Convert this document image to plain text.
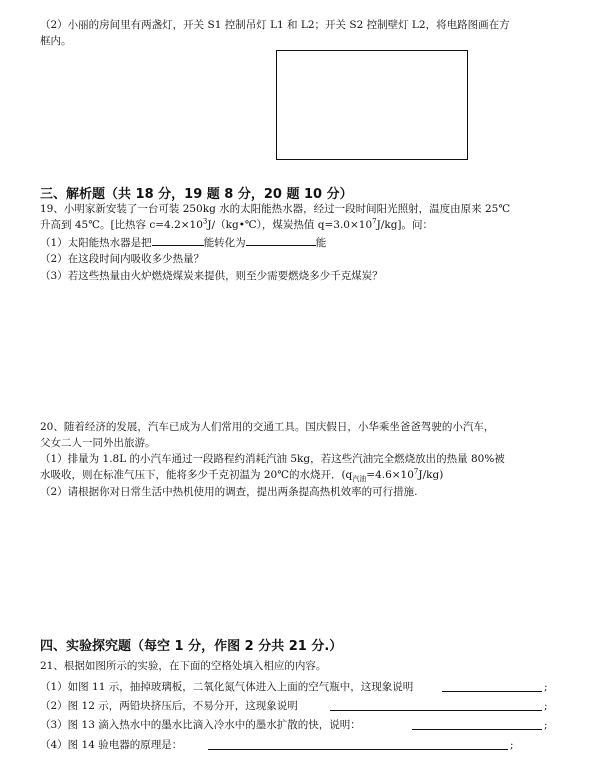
（2）小丽的房间里有两盏灯，开关 S1 控制吊灯 L1 和 L2；开关 S2 控制壁灯 L2，将电路图画在方
框内。
三、解析题（共 18 分，19 题 8 分，20 题 10 分）
19、小明家新安装了一台可装 250kg 水的太阳能热水器，经过一段时间阳光照射，温度由原来 25℃
升高到 45℃。[比热容 $c=4.2\times 10^3J/(kg•℃)$，煤炭热值 $q=3.0\times 10^7J/kg$]。问：
（1）太阳能热水器是把	能转化为	能
（2）在这段时间内吸收多少热量？
（3）若这些热量由火炉燃烧煤炭来提供，则至少需要燃烧多少千克煤炭？
20、随着经济的发展，汽车已成为人们常用的交通工具。国庆假日，小华乘坐爸爸驾驶的小汽车，
父女二人一同外出旅游。
（1）排量为 1.8L 的小汽车通过一段路程约消耗汽油 5kg，若这些汽油完全燃烧放出的热量 80%被
水吸收，则在标准气压下，能将多少千克初温为 20℃的水烧开．$(q_{汽油}=4.6\times 10^7J/kg)$
（2）请根据你对日常生活中热机使用的调查，提出两条提高热机效率的可行措施.
四、实验探究题（每空 1 分，作图 2 分共 21 分.）
21、根据如图所示的实验，在下面的空格处填入相应的内容。
（1）如图 11 示，抽掉玻璃板，二氧化氮气体进入上面的空气瓶中，这现象说明	;
（2）图 12 示，两铅块挤压后，不易分开，这现象说明	;
（3）图 13 滴入热水中的墨水比滴入冷水中的墨水扩散的快，说明：	;
（4）图 14 验电器的原理是：	;
